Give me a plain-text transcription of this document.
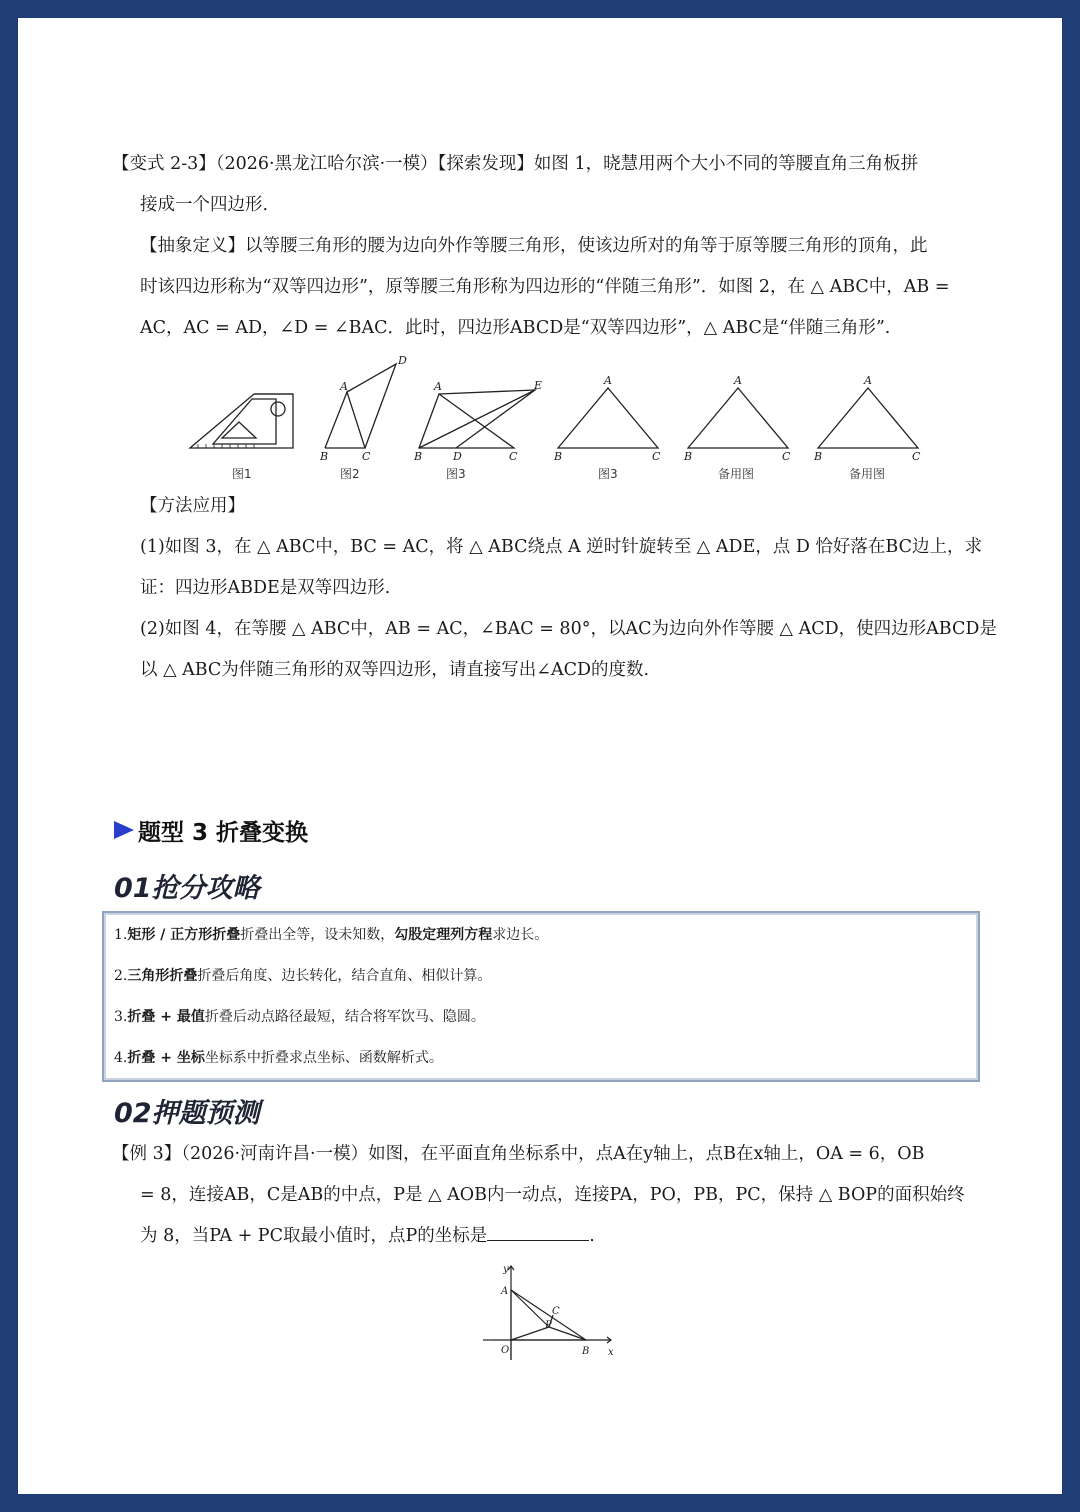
【变式 2-3】（2026·黑龙江哈尔滨·一模）【探索发现】如图 1，晓慧用两个大小不同的等腰直角三角板拼
接成一个四边形.
【抽象定义】以等腰三角形的腰为边向外作等腰三角形，使该边所对的角等于原等腰三角形的顶角，此
时该四边形称为“双等四边形”，原等腰三角形称为四边形的“伴随三角形”．如图 2，在 △ ABC中，AB =
AC，AC = AD，∠D = ∠BAC．此时，四边形ABCD是“双等四边形”，△ ABC是“伴随三角形”.
A
B	C
D
A
B	D	C
E	A
B	C
A
B	C
A
B	C
图1	图2	图3	图3	备用图	备用图
【方法应用】
(1)如图 3，在 △ ABC中，BC = AC，将 △ ABC绕点 A 逆时针旋转至 △ ADE，点 D 恰好落在BC边上，求
证：四边形ABDE是双等四边形.
(2)如图 4，在等腰 △ ABC中，AB = AC，∠BAC = 80°，以AC为边向外作等腰 △ ACD，使四边形ABCD是
以 △ ABC为伴随三角形的双等四边形，请直接写出∠ACD的度数.
题型 3 折叠变换
01抢分攻略
1.矩形 / 正方形折叠折叠出全等，设未知数，勾股定理列方程求边长。
2.三角形折叠折叠后角度、边长转化，结合直角、相似计算。
3.折叠 + 最值折叠后动点路径最短，结合将军饮马、隐圆。
4.折叠 + 坐标坐标系中折叠求点坐标、函数解析式。
02押题预测
【例 3】（2026·河南许昌·一模）如图，在平面直角坐标系中，点A在y轴上，点B在x轴上，OA = 6，OB
= 8，连接AB，C是AB的中点，P是 △ AOB内一动点，连接PA，PO，PB，PC，保持 △ BOP的面积始终
为 8，当PA + PC取最小值时，点P的坐标是	.
y
x
A
B
C
P
O
